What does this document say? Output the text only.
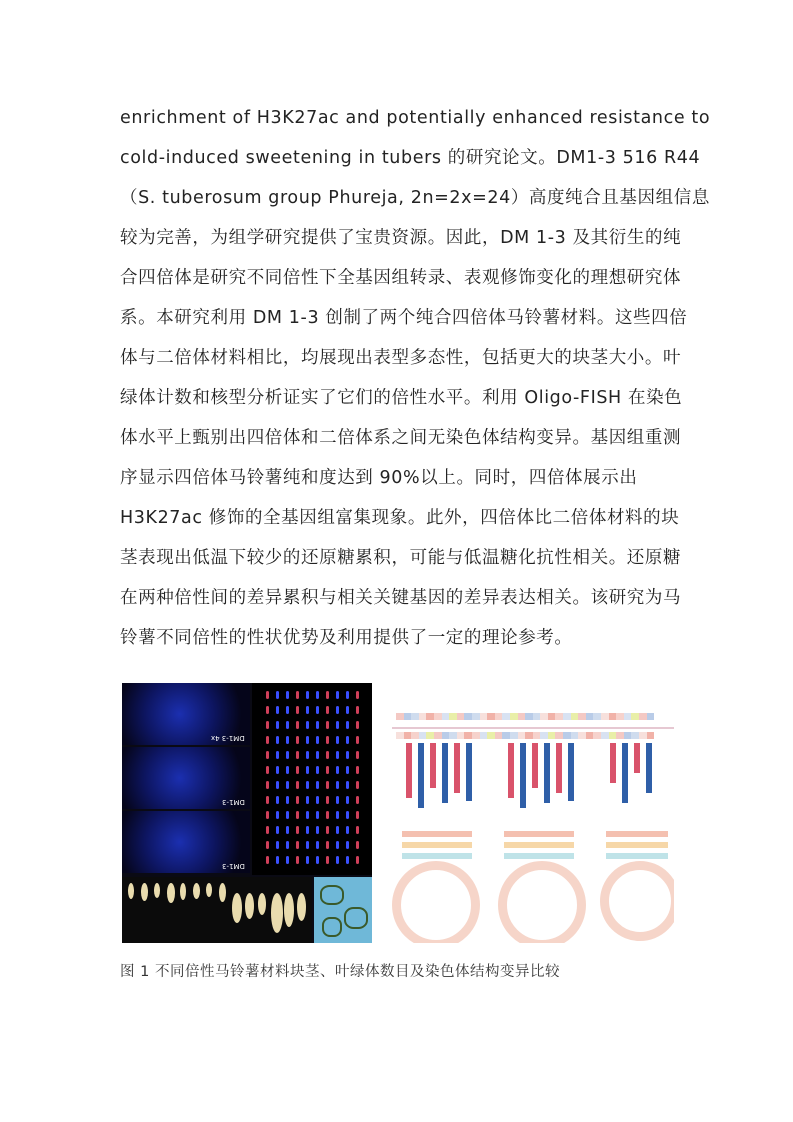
enrichment of H3K27ac and potentially enhanced resistance to
cold-induced sweetening in tubers 的研究论文。DM1-3 516 R44
（S. tuberosum group Phureja, 2n=2x=24）高度纯合且基因组信息
较为完善，为组学研究提供了宝贵资源。因此，DM 1-3 及其衍生的纯
合四倍体是研究不同倍性下全基因组转录、表观修饰变化的理想研究体
系。本研究利用 DM 1-3 创制了两个纯合四倍体马铃薯材料。这些四倍
体与二倍体材料相比，均展现出表型多态性，包括更大的块茎大小。叶
绿体计数和核型分析证实了它们的倍性水平。利用 Oligo-FISH 在染色
体水平上甄别出四倍体和二倍体系之间无染色体结构变异。基因组重测
序显示四倍体马铃薯纯和度达到 90%以上。同时，四倍体展示出
H3K27ac 修饰的全基因组富集现象。此外，四倍体比二倍体材料的块
茎表现出低温下较少的还原糖累积，可能与低温糖化抗性相关。还原糖
在两种倍性间的差异累积与相关关键基因的差异表达相关。该研究为马
铃薯不同倍性的性状优势及利用提供了一定的理论参考。
DM1-3 4x
DM1-3
DM1-3

图 1 不同倍性马铃薯材料块茎、叶绿体数目及染色体结构变异比较
